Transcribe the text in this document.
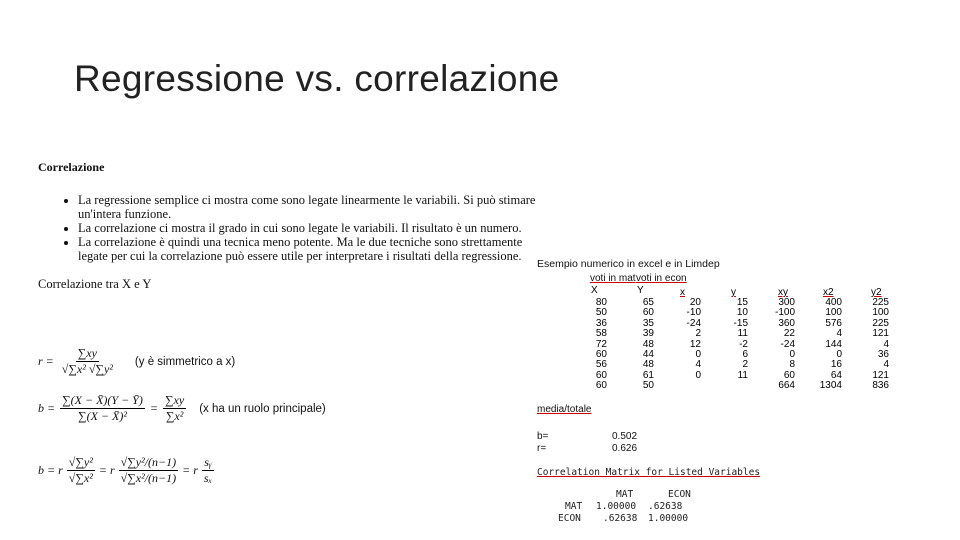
Regressione vs. correlazione
Correlazione
• La regressione semplice ci mostra come sono legate linearmente le variabili. Si può stimare un'intera funzione.
• La correlazione ci mostra il grado in cui sono legate le variabili. Il risultato è un numero.
• La correlazione è quindi una tecnica meno potente. Ma le due tecniche sono strettamente legate per cui la correlazione può essere utile per interpretare i risultati della regressione.
Correlazione tra X e Y
$r = \frac{\sum xy}{\text{√∑x² √∑y²}} (y$ è simmetrico a x)
$b = \frac{\sum(X - X̄)(Y - Ȳ)}{\text{∑(X − X̄)²}} = \frac{\sum xy}{\text{∑x²}} (x$ ha un ruolo principale)
b = r $\frac{\text{√∑y²}}{\text{√∑x²}} = r \frac{\text{√∑y²/(n−1)}}{\text{√∑x²/(n−1)}} = r \frac{\text{sᵧ}}{\text{sₓ}}$
Esempio numerico in excel e in Limdep
voti in mat voti in econ
X	Y	x	y	xy	x2	y2
80	65	20	15	300	400	225
50	60	-10	10	-100	100	100
36	35	-24	-15	360	576	225
58	39	2	11	22	4	121
72	48	12	-2	-24	144	4
60	44	0	6	0	0	36
56	48	4	2	8	16	4
60	61	0	11	60	64	121
60	50			664	1304	836
media/totale
b=	0.502
r=	0.626
Correlation Matrix for Listed Variables
MAT	ECON
MAT 1.00000 .62638
ECON .62638 1.00000
